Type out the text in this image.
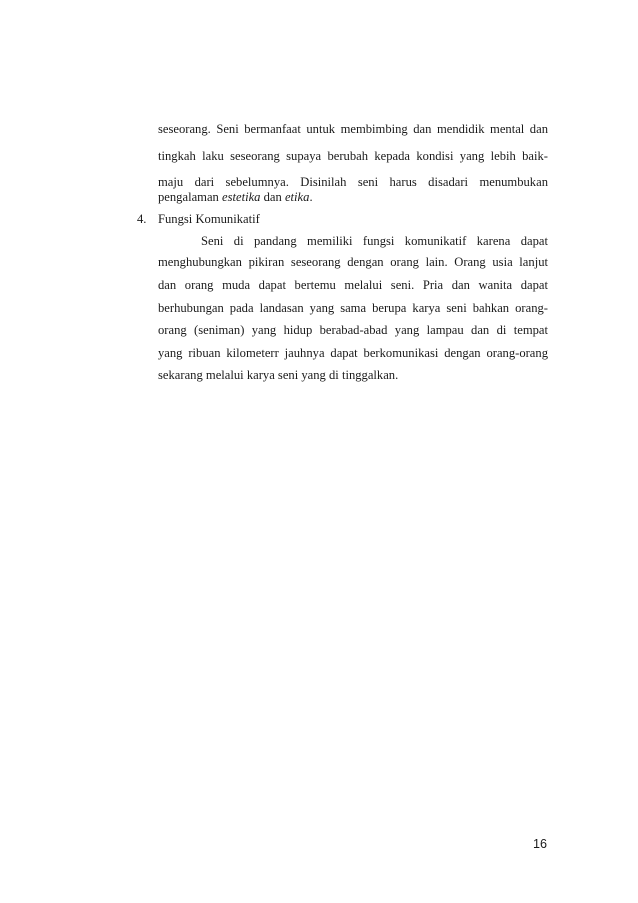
seseorang. Seni bermanfaat untuk membimbing dan mendidik mental dan
tingkah laku seseorang supaya berubah kepada kondisi yang lebih baik-
maju dari sebelumnya. Disinilah seni harus disadari menumbukan
pengalaman estetika dan etika.
4. Fungsi Komunikatif
Seni di pandang memiliki fungsi komunikatif karena dapat
menghubungkan pikiran seseorang dengan orang lain. Orang usia lanjut
dan orang muda dapat bertemu melalui seni. Pria dan wanita dapat
berhubungan pada landasan yang sama berupa karya seni bahkan orang-
orang (seniman) yang hidup berabad-abad yang lampau dan di tempat
yang ribuan kilometerr jauhnya dapat berkomunikasi dengan orang-orang
sekarang melalui karya seni yang di tinggalkan.
16
